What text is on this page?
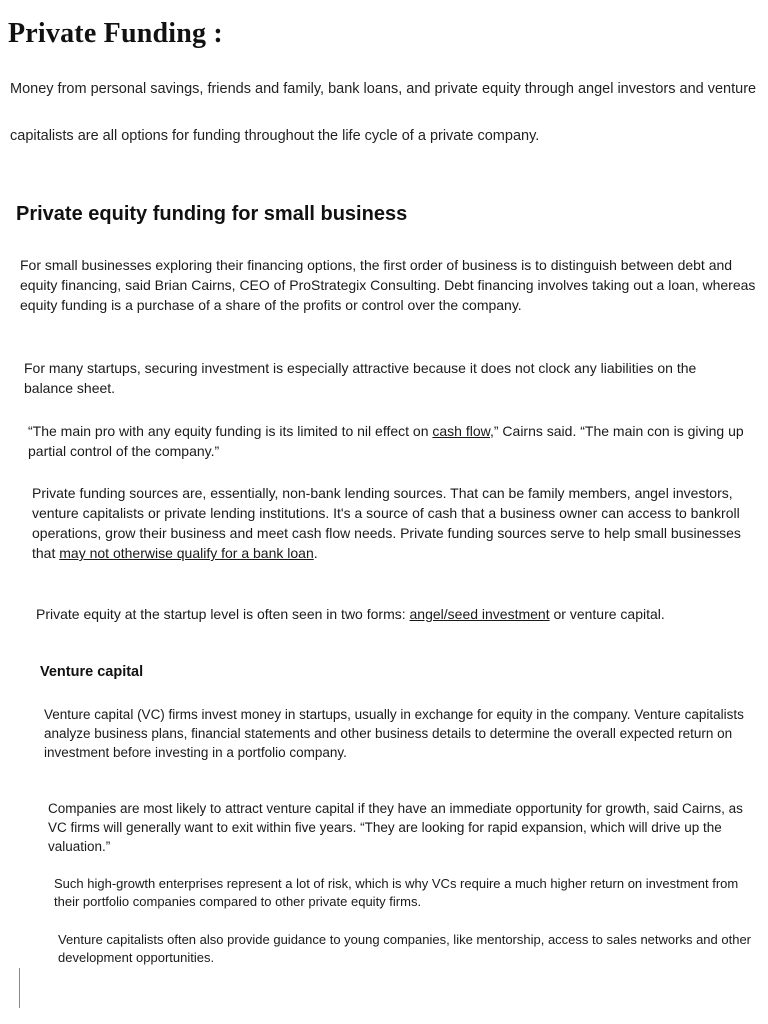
Private Funding :

Money from personal savings, friends and family, bank loans, and private equity through angel investors and venture capitalists are all options for funding throughout the life cycle of a private company.

Private equity funding for small business

For small businesses exploring their financing options, the first order of business is to distinguish between debt and equity financing, said Brian Cairns, CEO of ProStrategix Consulting. Debt financing involves taking out a loan, whereas equity funding is a purchase of a share of the profits or control over the company.

For many startups, securing investment is especially attractive because it does not clock any liabilities on the balance sheet.

“The main pro with any equity funding is its limited to nil effect on cash flow,” Cairns said. “The main con is giving up partial control of the company.”

Private funding sources are, essentially, non-bank lending sources. That can be family members, angel investors, venture capitalists or private lending institutions. It's a source of cash that a business owner can access to bankroll operations, grow their business and meet cash flow needs. Private funding sources serve to help small businesses that may not otherwise qualify for a bank loan.

Private equity at the startup level is often seen in two forms: angel/seed investment or venture capital.

Venture capital

Venture capital (VC) firms invest money in startups, usually in exchange for equity in the company. Venture capitalists analyze business plans, financial statements and other business details to determine the overall expected return on investment before investing in a portfolio company.

Companies are most likely to attract venture capital if they have an immediate opportunity for growth, said Cairns, as VC firms will generally want to exit within five years. “They are looking for rapid expansion, which will drive up the valuation.”

Such high-growth enterprises represent a lot of risk, which is why VCs require a much higher return on investment from their portfolio companies compared to other private equity firms.

Venture capitalists often also provide guidance to young companies, like mentorship, access to sales networks and other development opportunities.
